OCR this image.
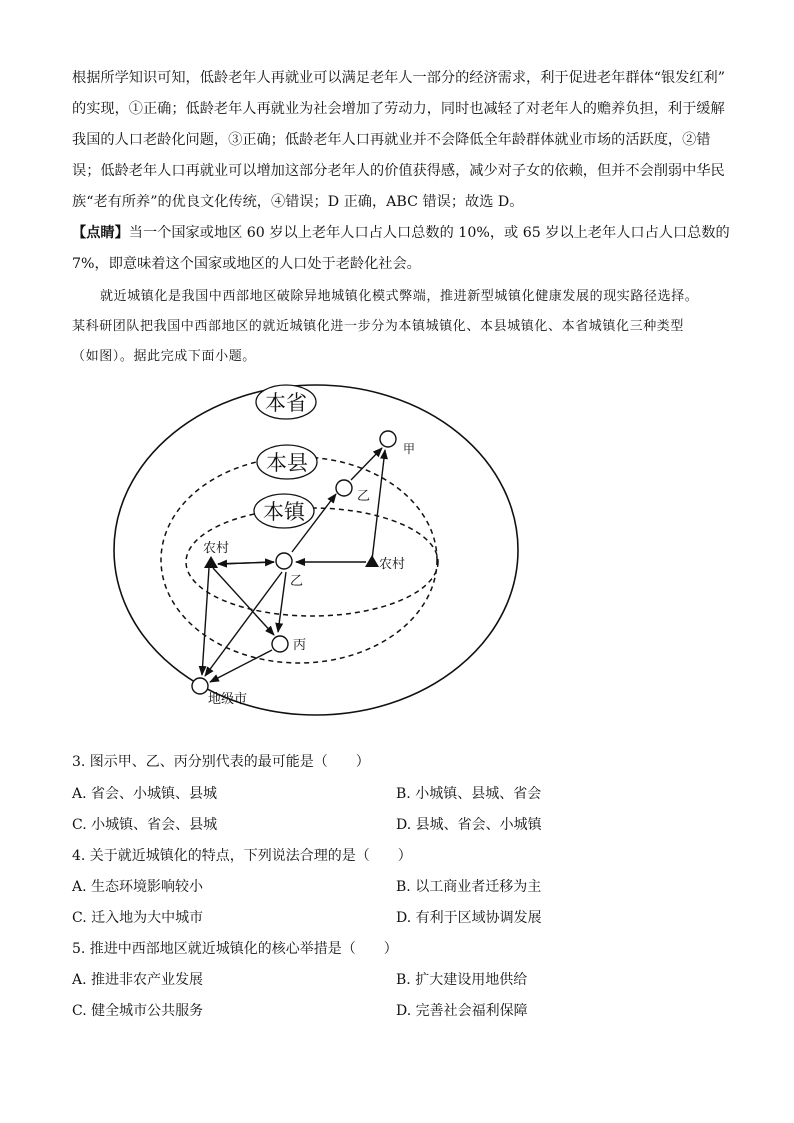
根据所学知识可知，低龄老年人再就业可以满足老年人一部分的经济需求，利于促进老年群体“银发红利”
的实现，①正确；低龄老年人再就业为社会增加了劳动力，同时也减轻了对老年人的赡养负担，利于缓解
我国的人口老龄化问题，③正确；低龄老年人口再就业并不会降低全年龄群体就业市场的活跃度，②错
误；低龄老年人口再就业可以增加这部分老年人的价值获得感，减少对子女的依赖，但并不会削弱中华民
族“老有所养”的优良文化传统，④错误；D 正确，ABC 错误；故选 D。
【点睛】当一个国家或地区 60 岁以上老年人口占人口总数的 10%，或 65 岁以上老年人口占人口总数的
7%，即意味着这个国家或地区的人口处于老龄化社会。
就近城镇化是我国中西部地区破除异地城镇化模式弊端，推进新型城镇化健康发展的现实路径选择。
某科研团队把我国中西部地区的就近城镇化进一步分为本镇城镇化、本县城镇化、本省城镇化三种类型
（如图）。据此完成下面小题。
本省
本县
本镇
甲
乙
乙
丙
地级市
农村
农村
3. 图示甲、乙、丙分别代表的最可能是（　　）
A. 省会、小城镇、县城	B. 小城镇、县城、省会
C. 小城镇、省会、县城	D. 县城、省会、小城镇
4. 关于就近城镇化的特点，下列说法合理的是（　　）
A. 生态环境影响较小	B. 以工商业者迁移为主
C. 迁入地为大中城市	D. 有利于区域协调发展
5. 推进中西部地区就近城镇化的核心举措是（　　）
A. 推进非农产业发展	B. 扩大建设用地供给
C. 健全城市公共服务	D. 完善社会福利保障
